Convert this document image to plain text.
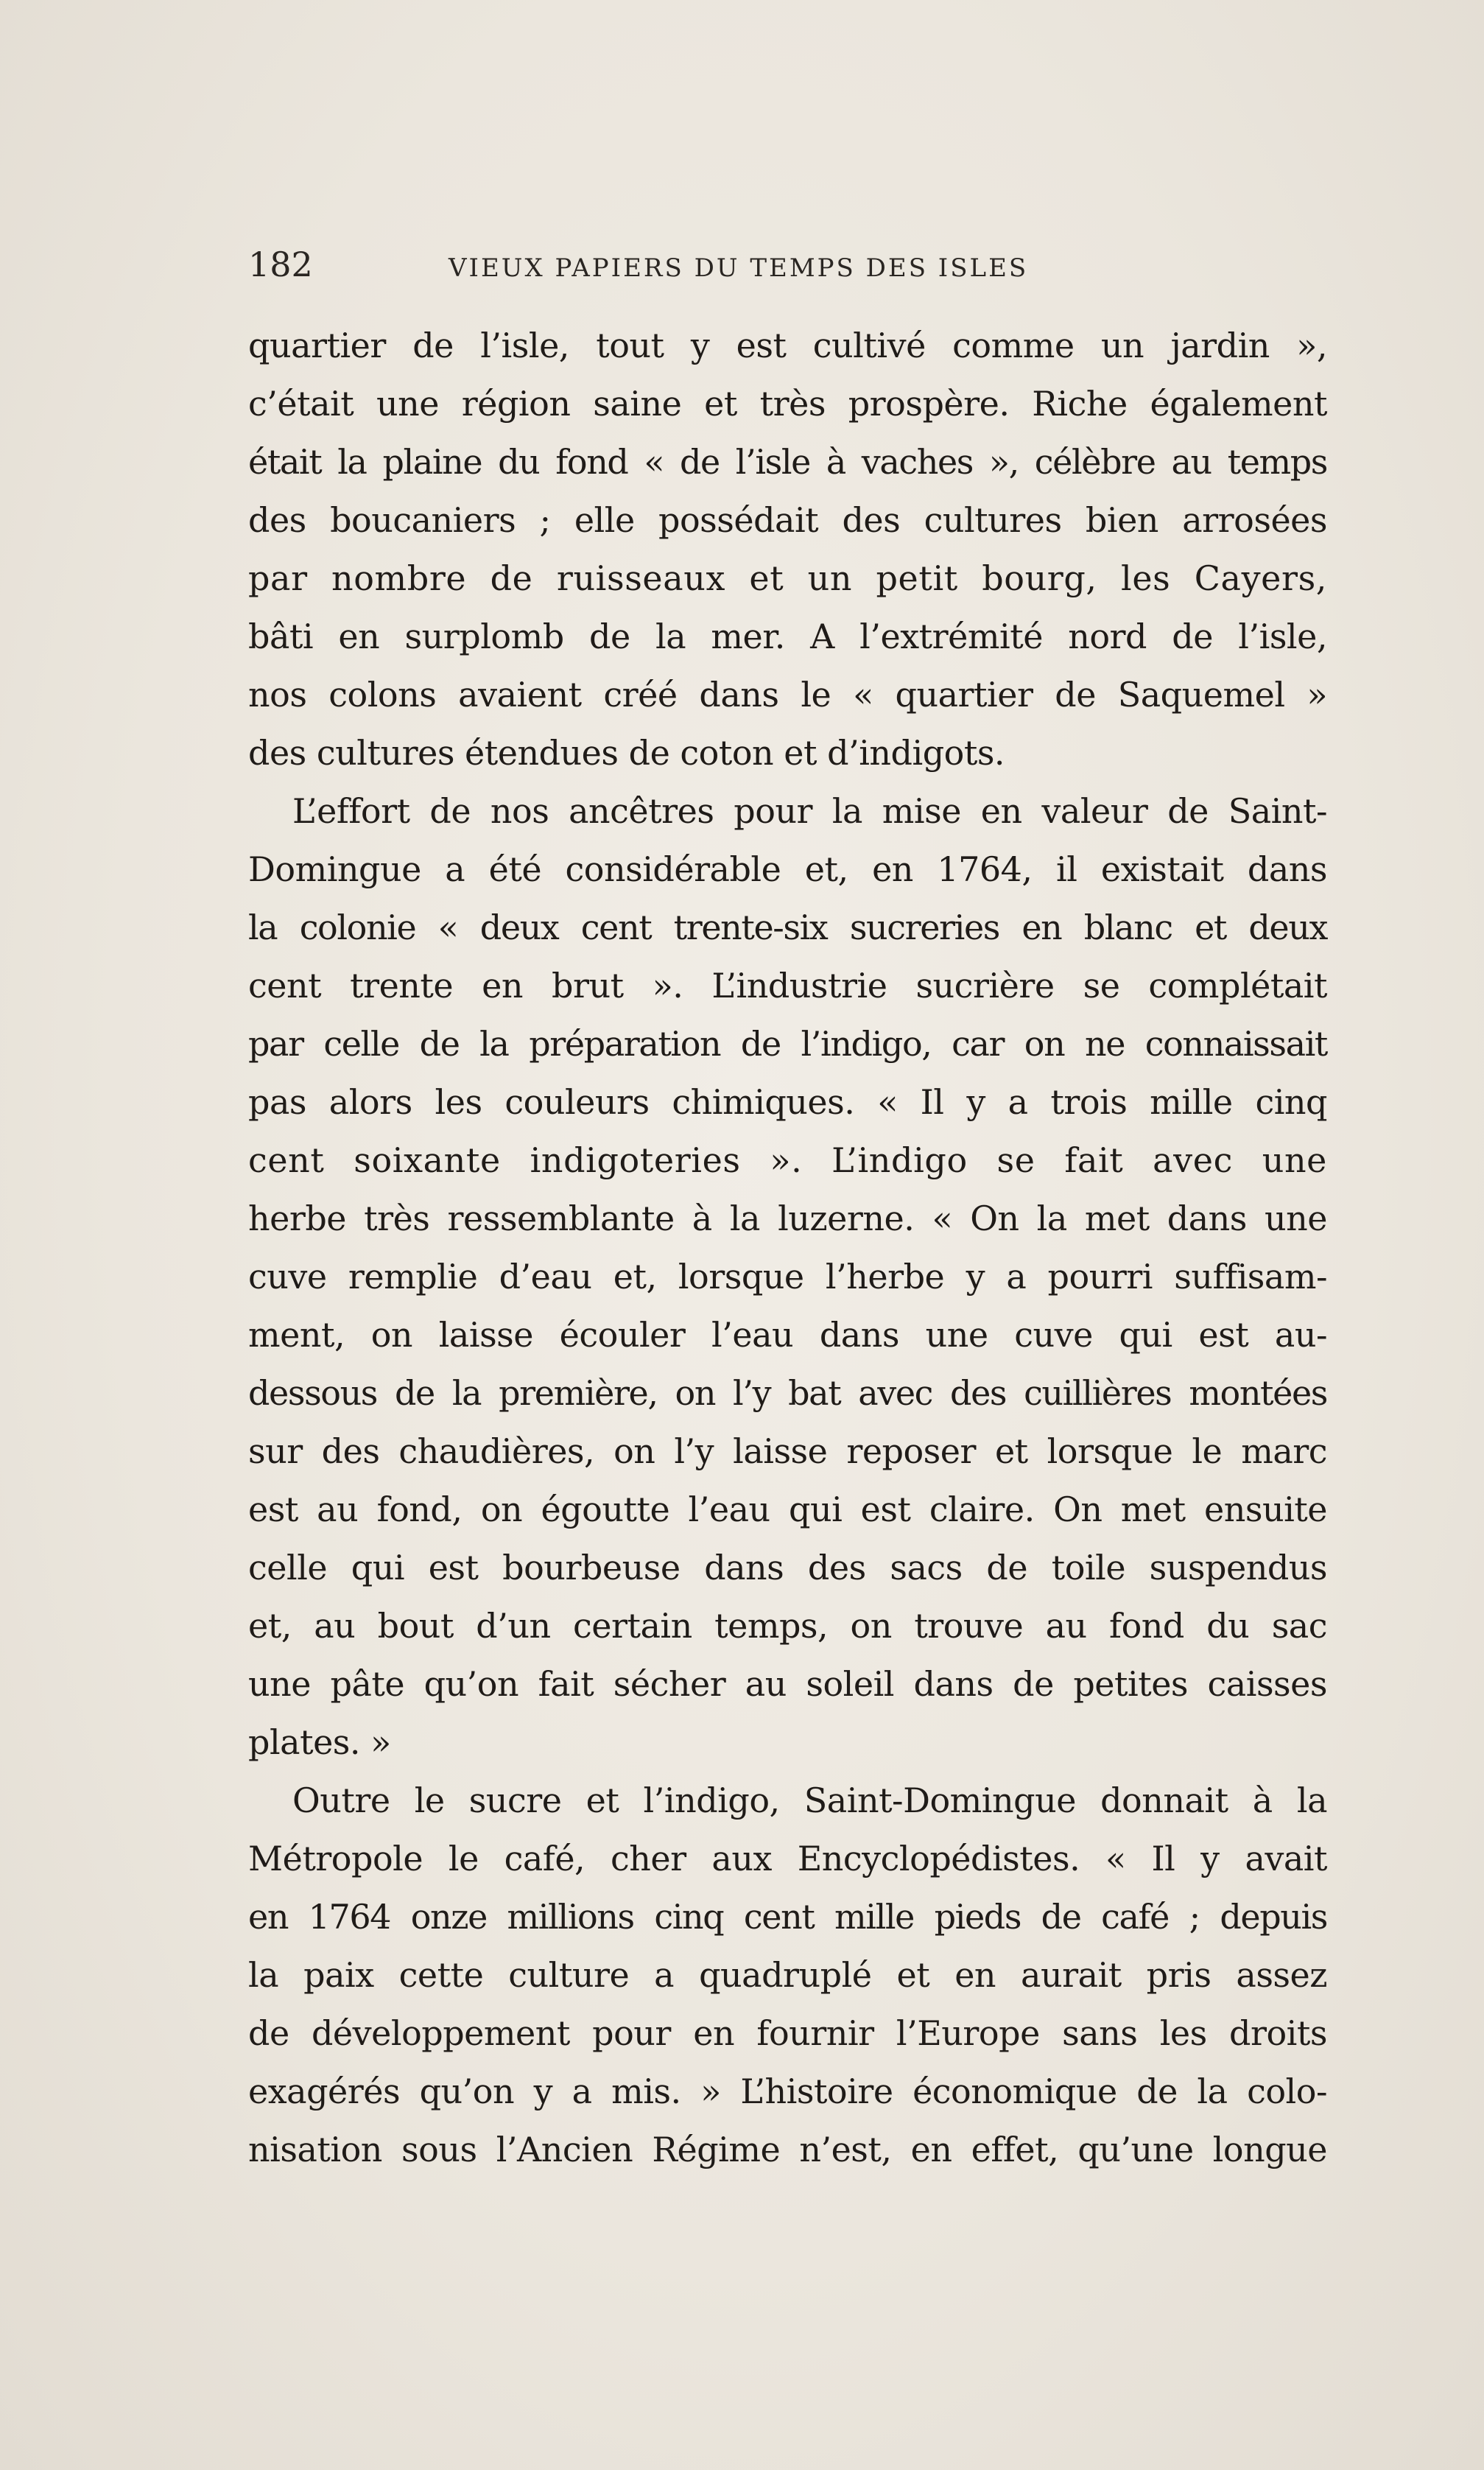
182	VIEUX PAPIERS DU TEMPS DES ISLES
quartier de l’isle, tout y est cultivé comme un jardin »,
c’était une région saine et très prospère. Riche également
était la plaine du fond « de l’isle à vaches », célèbre au temps
des boucaniers ; elle possédait des cultures bien arrosées
par nombre de ruisseaux et un petit bourg, les Cayers,
bâti en surplomb de la mer. A l’extrémité nord de l’isle,
nos colons avaient créé dans le « quartier de Saquemel »
des cultures étendues de coton et d’indigots.
L’effort de nos ancêtres pour la mise en valeur de Saint-
Domingue a été considérable et, en 1764, il existait dans
la colonie « deux cent trente-six sucreries en blanc et deux
cent trente en brut ». L’industrie sucrière se complétait
par celle de la préparation de l’indigo, car on ne connaissait
pas alors les couleurs chimiques. « Il y a trois mille cinq
cent soixante indigoteries ». L’indigo se fait avec une
herbe très ressemblante à la luzerne. « On la met dans une
cuve remplie d’eau et, lorsque l’herbe y a pourri suffisam-
ment, on laisse écouler l’eau dans une cuve qui est au-
dessous de la première, on l’y bat avec des cuillières montées
sur des chaudières, on l’y laisse reposer et lorsque le marc
est au fond, on égoutte l’eau qui est claire. On met ensuite
celle qui est bourbeuse dans des sacs de toile suspendus
et, au bout d’un certain temps, on trouve au fond du sac
une pâte qu’on fait sécher au soleil dans de petites caisses
plates. »
Outre le sucre et l’indigo, Saint-Domingue donnait à la
Métropole le café, cher aux Encyclopédistes. « Il y avait
en 1764 onze millions cinq cent mille pieds de café ; depuis
la paix cette culture a quadruplé et en aurait pris assez
de développement pour en fournir l’Europe sans les droits
exagérés qu’on y a mis. » L’histoire économique de la colo-
nisation sous l’Ancien Régime n’est, en effet, qu’une longue
